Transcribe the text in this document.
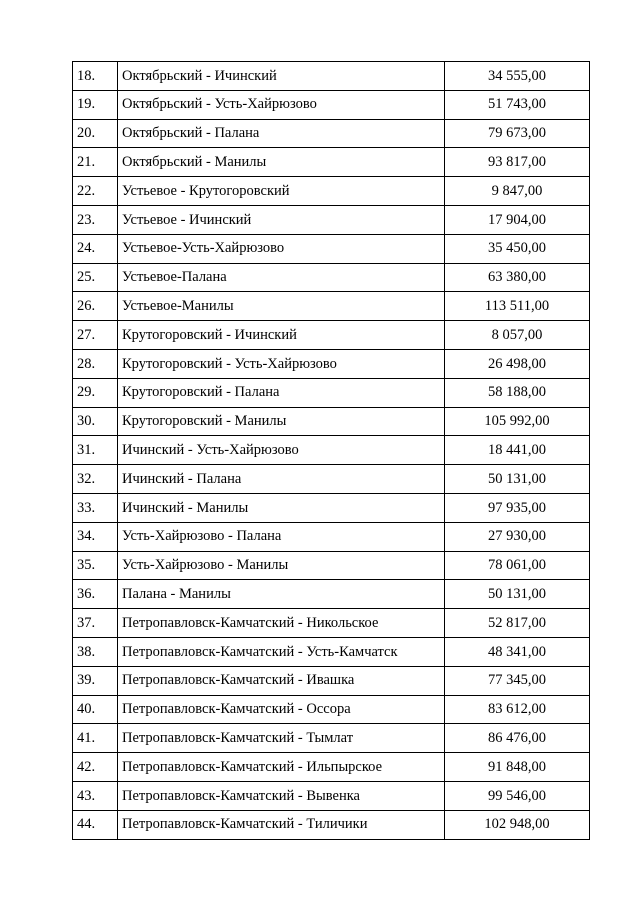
18.	Октябрьский - Ичинский	34 555,00
19.	Октябрьский - Усть-Хайрюзово	51 743,00
20.	Октябрьский - Палана	79 673,00
21.	Октябрьский - Манилы	93 817,00
22.	Устьевое - Крутогоровский	9 847,00
23.	Устьевое - Ичинский	17 904,00
24.	Устьевое-Усть-Хайрюзово	35 450,00
25.	Устьевое-Палана	63 380,00
26.	Устьевое-Манилы	113 511,00
27.	Крутогоровский - Ичинский	8 057,00
28.	Крутогоровский - Усть-Хайрюзово	26 498,00
29.	Крутогоровский - Палана	58 188,00
30.	Крутогоровский - Манилы	105 992,00
31.	Ичинский - Усть-Хайрюзово	18 441,00
32.	Ичинский - Палана	50 131,00
33.	Ичинский - Манилы	97 935,00
34.	Усть-Хайрюзово - Палана	27 930,00
35.	Усть-Хайрюзово - Манилы	78 061,00
36.	Палана - Манилы	50 131,00
37.	Петропавловск-Камчатский - Никольское	52 817,00
38.	Петропавловск-Камчатский - Усть-Камчатск	48 341,00
39.	Петропавловск-Камчатский - Ивашка	77 345,00
40.	Петропавловск-Камчатский - Оссора	83 612,00
41.	Петропавловск-Камчатский - Тымлат	86 476,00
42.	Петропавловск-Камчатский - Ильпырское	91 848,00
43.	Петропавловск-Камчатский - Вывенка	99 546,00
44.	Петропавловск-Камчатский - Тиличики	102 948,00
